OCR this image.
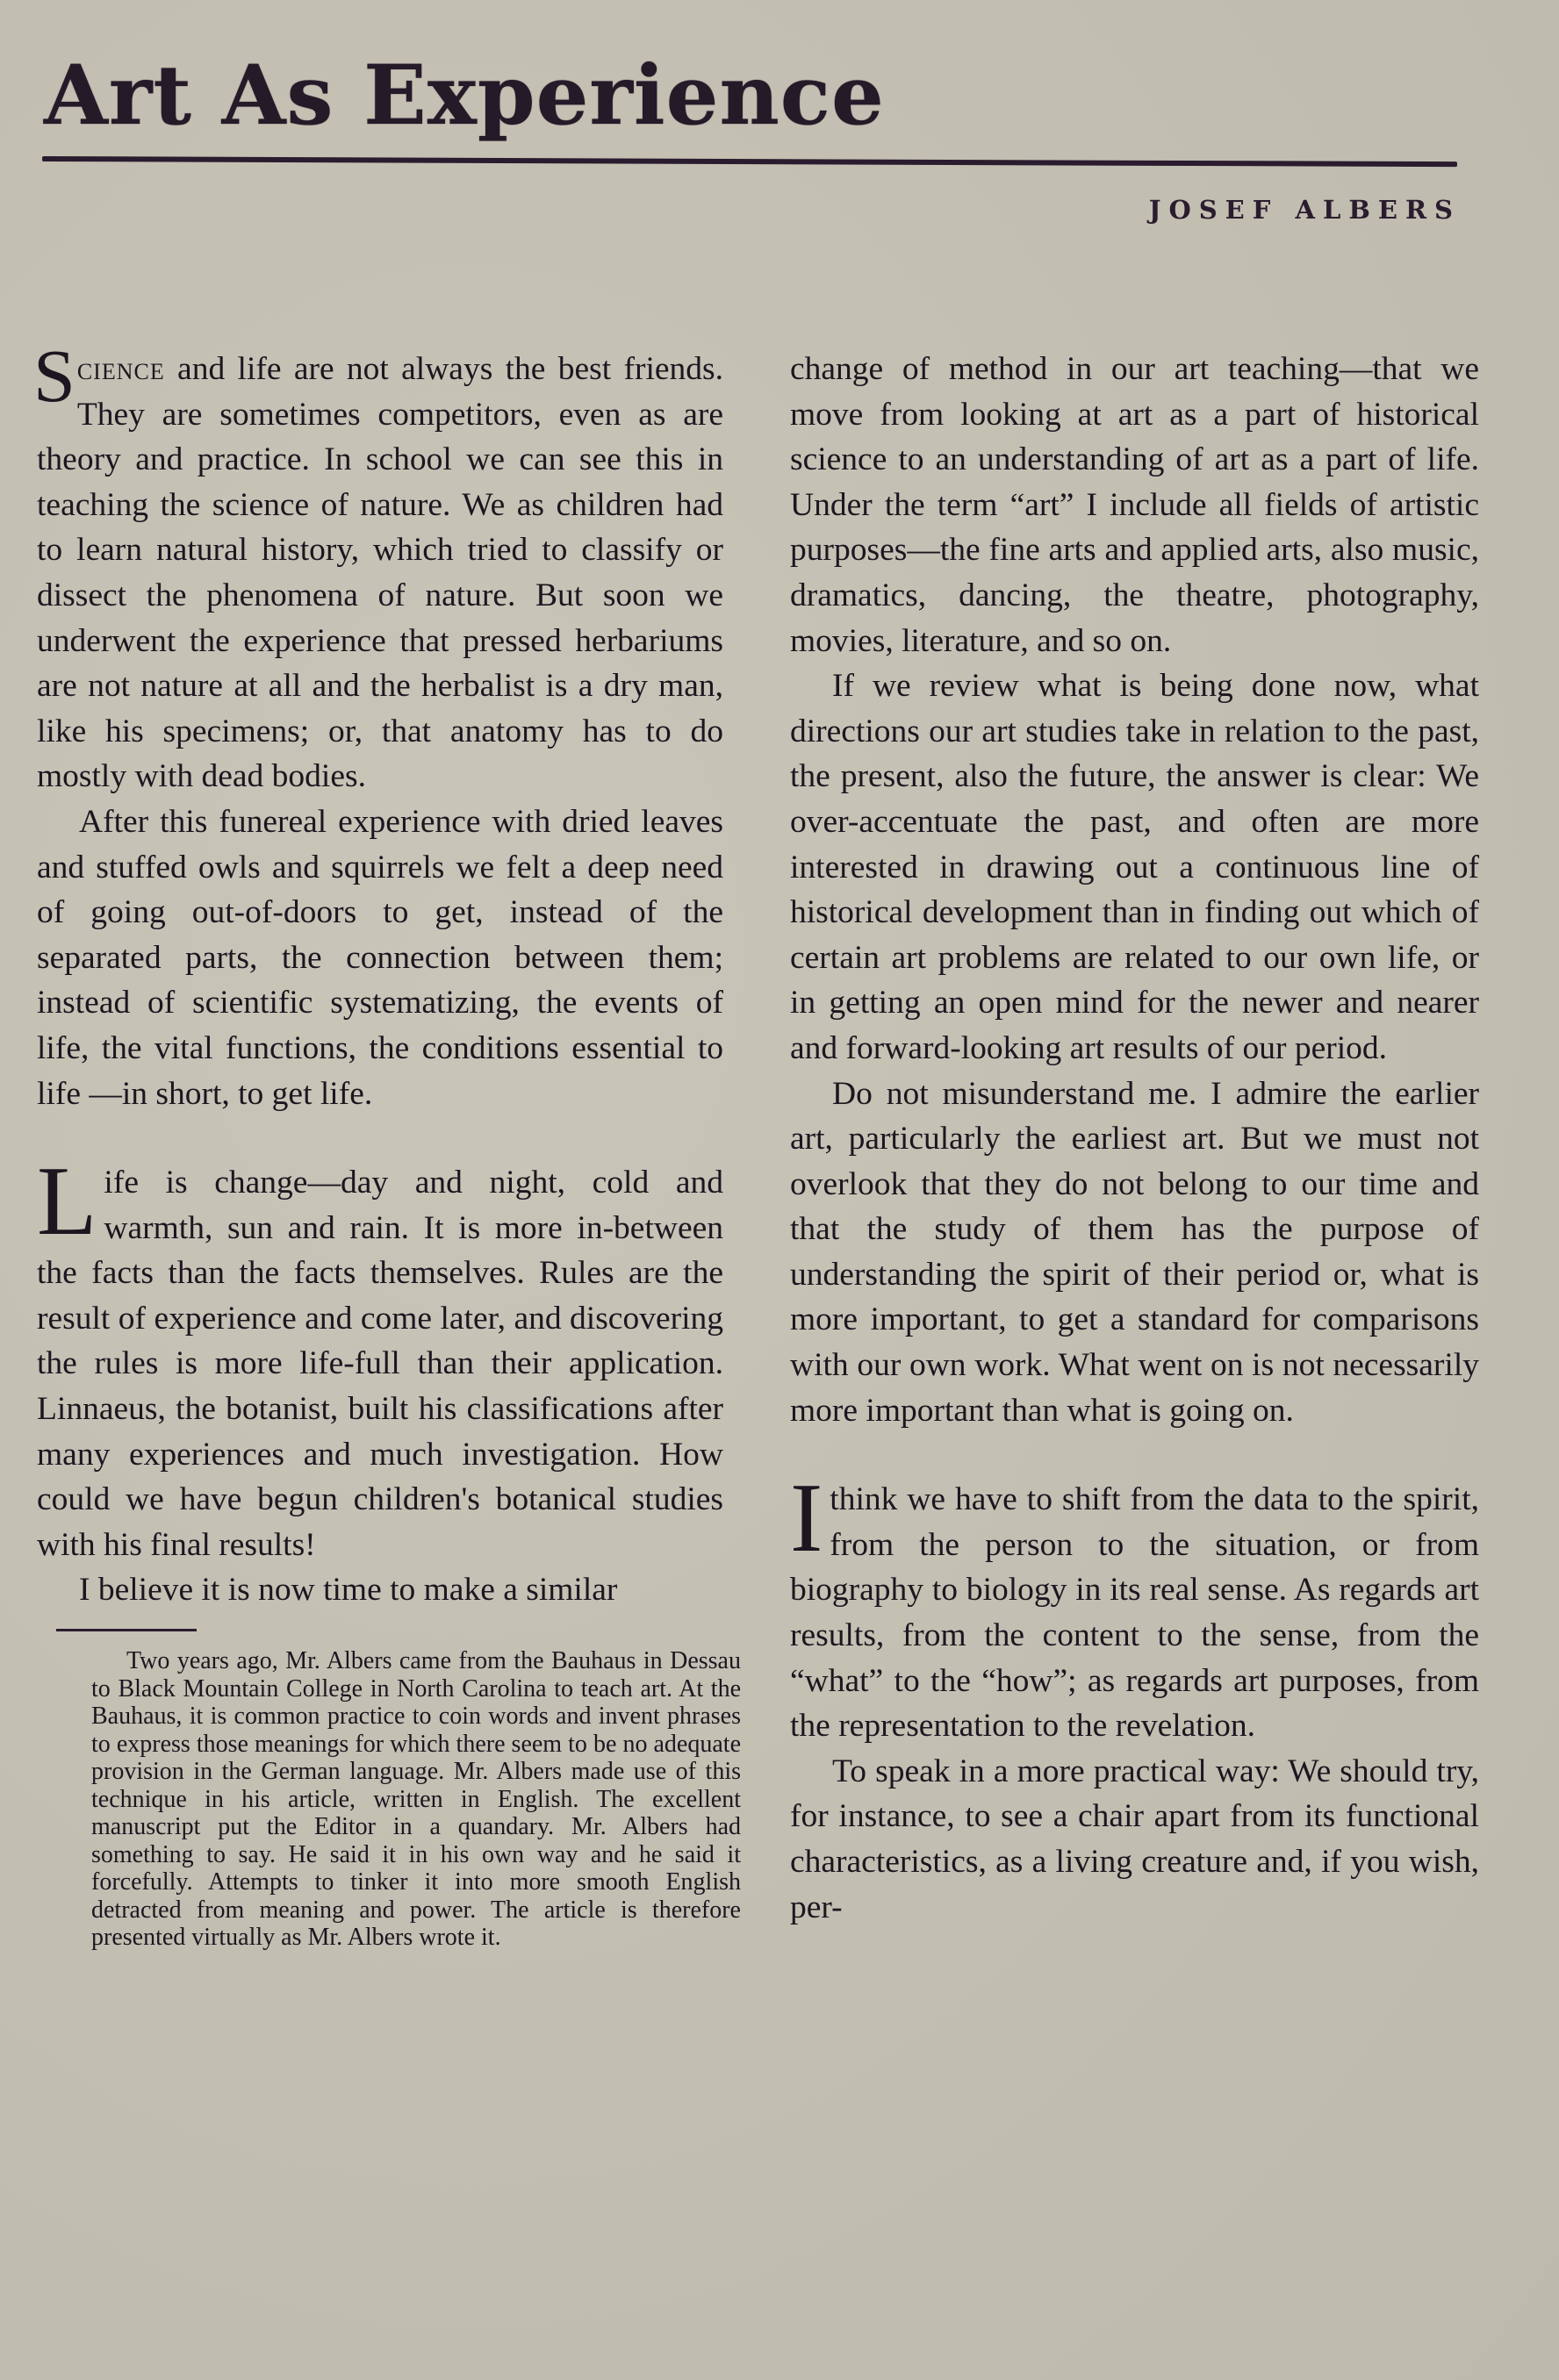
Art As Experience
JOSEF ALBERS

Science and life are not always the best friends. They are sometimes competitors, even as are theory and practice. In school we can see this in teaching the science of nature. We as children had to learn natural history, which tried to classify or dissect the phenomena of nature. But soon we underwent the experience that pressed herbariums are not nature at all and the herbalist is a dry man, like his specimens; or, that anatomy has to do mostly with dead bodies.

After this funereal experience with dried leaves and stuffed owls and squirrels we felt a deep need of going out-of-doors to get, instead of the separated parts, the connection between them; instead of scientific systematizing, the events of life, the vital functions, the conditions essential to life —in short, to get life.

Life is change—day and night, cold and warmth, sun and rain. It is more in-between the facts than the facts themselves. Rules are the result of experience and come later, and discovering the rules is more life-full than their application. Linnaeus, the botanist, built his classifications after many experiences and much investigation. How could we have begun children's botanical studies with his final results!

I believe it is now time to make a similar

Two years ago, Mr. Albers came from the Bauhaus in Dessau to Black Mountain College in North Carolina to teach art. At the Bauhaus, it is common practice to coin words and invent phrases to express those meanings for which there seem to be no adequate provision in the German language. Mr. Albers made use of this technique in his article, written in English. The excellent manuscript put the Editor in a quandary. Mr. Albers had something to say. He said it in his own way and he said it forcefully. Attempts to tinker it into more smooth English detracted from meaning and power. The article is therefore presented virtually as Mr. Albers wrote it.

change of method in our art teaching—that we move from looking at art as a part of historical science to an understanding of art as a part of life. Under the term “art” I include all fields of artistic purposes—the fine arts and applied arts, also music, dramatics, dancing, the theatre, photography, movies, literature, and so on.

If we review what is being done now, what directions our art studies take in relation to the past, the present, also the future, the answer is clear: We over-accentuate the past, and often are more interested in drawing out a continuous line of historical development than in finding out which of certain art problems are related to our own life, or in getting an open mind for the newer and nearer and forward-looking art results of our period.

Do not misunderstand me. I admire the earlier art, particularly the earliest art. But we must not overlook that they do not belong to our time and that the study of them has the purpose of understanding the spirit of their period or, what is more important, to get a standard for comparisons with our own work. What went on is not necessarily more important than what is going on.

I think we have to shift from the data to the spirit, from the person to the situation, or from biography to biology in its real sense. As regards art results, from the content to the sense, from the “what” to the “how”; as regards art purposes, from the representation to the revelation.

To speak in a more practical way: We should try, for instance, to see a chair apart from its functional characteristics, as a living creature and, if you wish, per-
